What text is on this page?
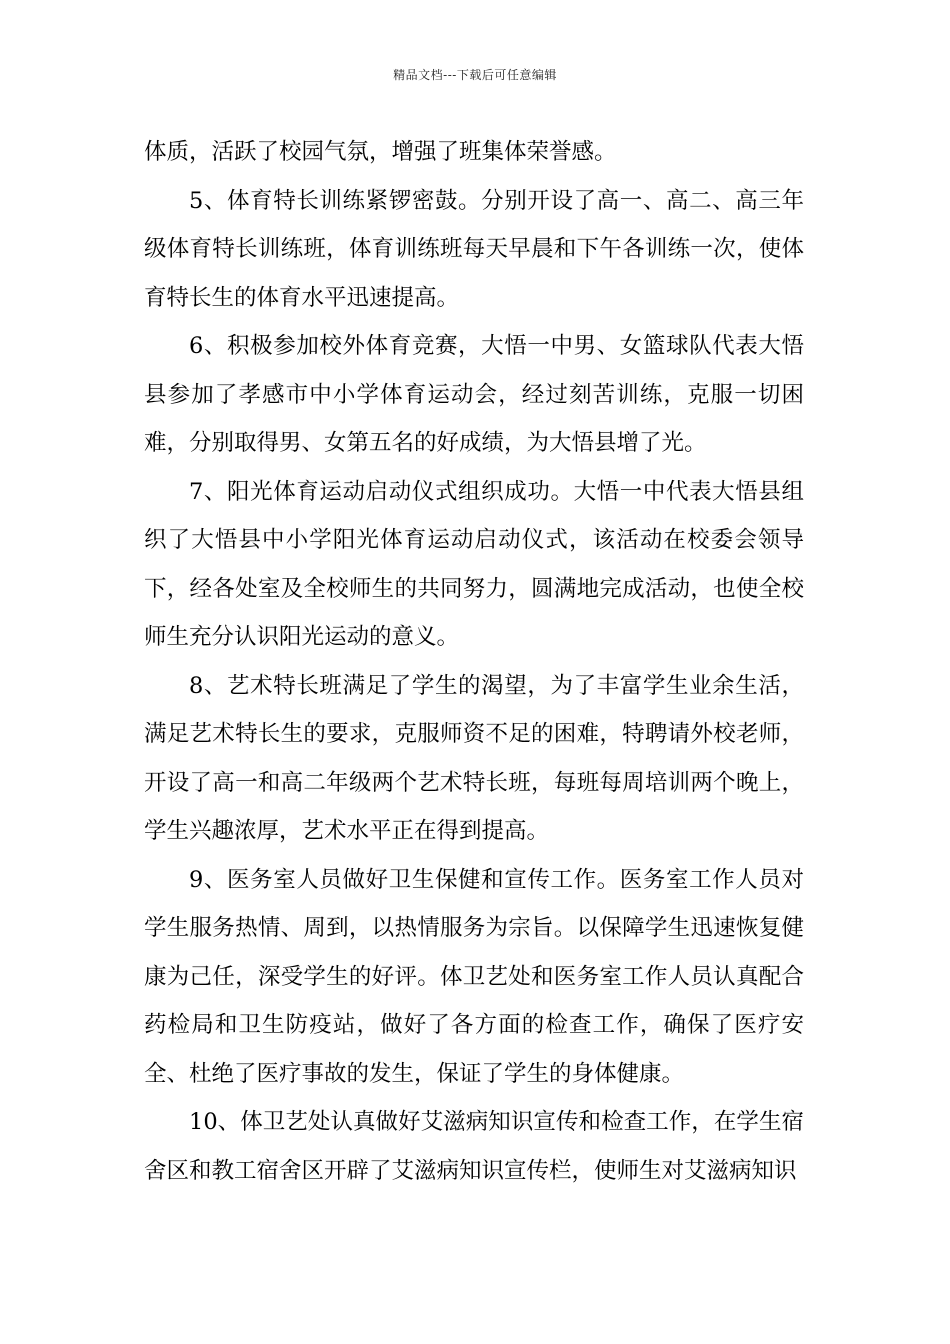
精品文档---下载后可任意编辑

体质，活跃了校园气氛，增强了班集体荣誉感。

5、体育特长训练紧锣密鼓。分别开设了高一、高二、高三年级体育特长训练班，体育训练班每天早晨和下午各训练一次，使体育特长生的体育水平迅速提高。

6、积极参加校外体育竞赛，大悟一中男、女篮球队代表大悟县参加了孝感市中小学体育运动会，经过刻苦训练，克服一切困难，分别取得男、女第五名的好成绩，为大悟县增了光。

7、阳光体育运动启动仪式组织成功。大悟一中代表大悟县组织了大悟县中小学阳光体育运动启动仪式，该活动在校委会领导下，经各处室及全校师生的共同努力，圆满地完成活动，也使全校师生充分认识阳光运动的意义。

8、艺术特长班满足了学生的渴望，为了丰富学生业余生活，满足艺术特长生的要求，克服师资不足的困难，特聘请外校老师，开设了高一和高二年级两个艺术特长班，每班每周培训两个晚上，学生兴趣浓厚，艺术水平正在得到提高。

9、医务室人员做好卫生保健和宣传工作。医务室工作人员对学生服务热情、周到，以热情服务为宗旨。以保障学生迅速恢复健康为己任，深受学生的好评。体卫艺处和医务室工作人员认真配合药检局和卫生防疫站，做好了各方面的检查工作，确保了医疗安全、杜绝了医疗事故的发生，保证了学生的身体健康。

10、体卫艺处认真做好艾滋病知识宣传和检查工作，在学生宿舍区和教工宿舍区开辟了艾滋病知识宣传栏，使师生对艾滋病知识
